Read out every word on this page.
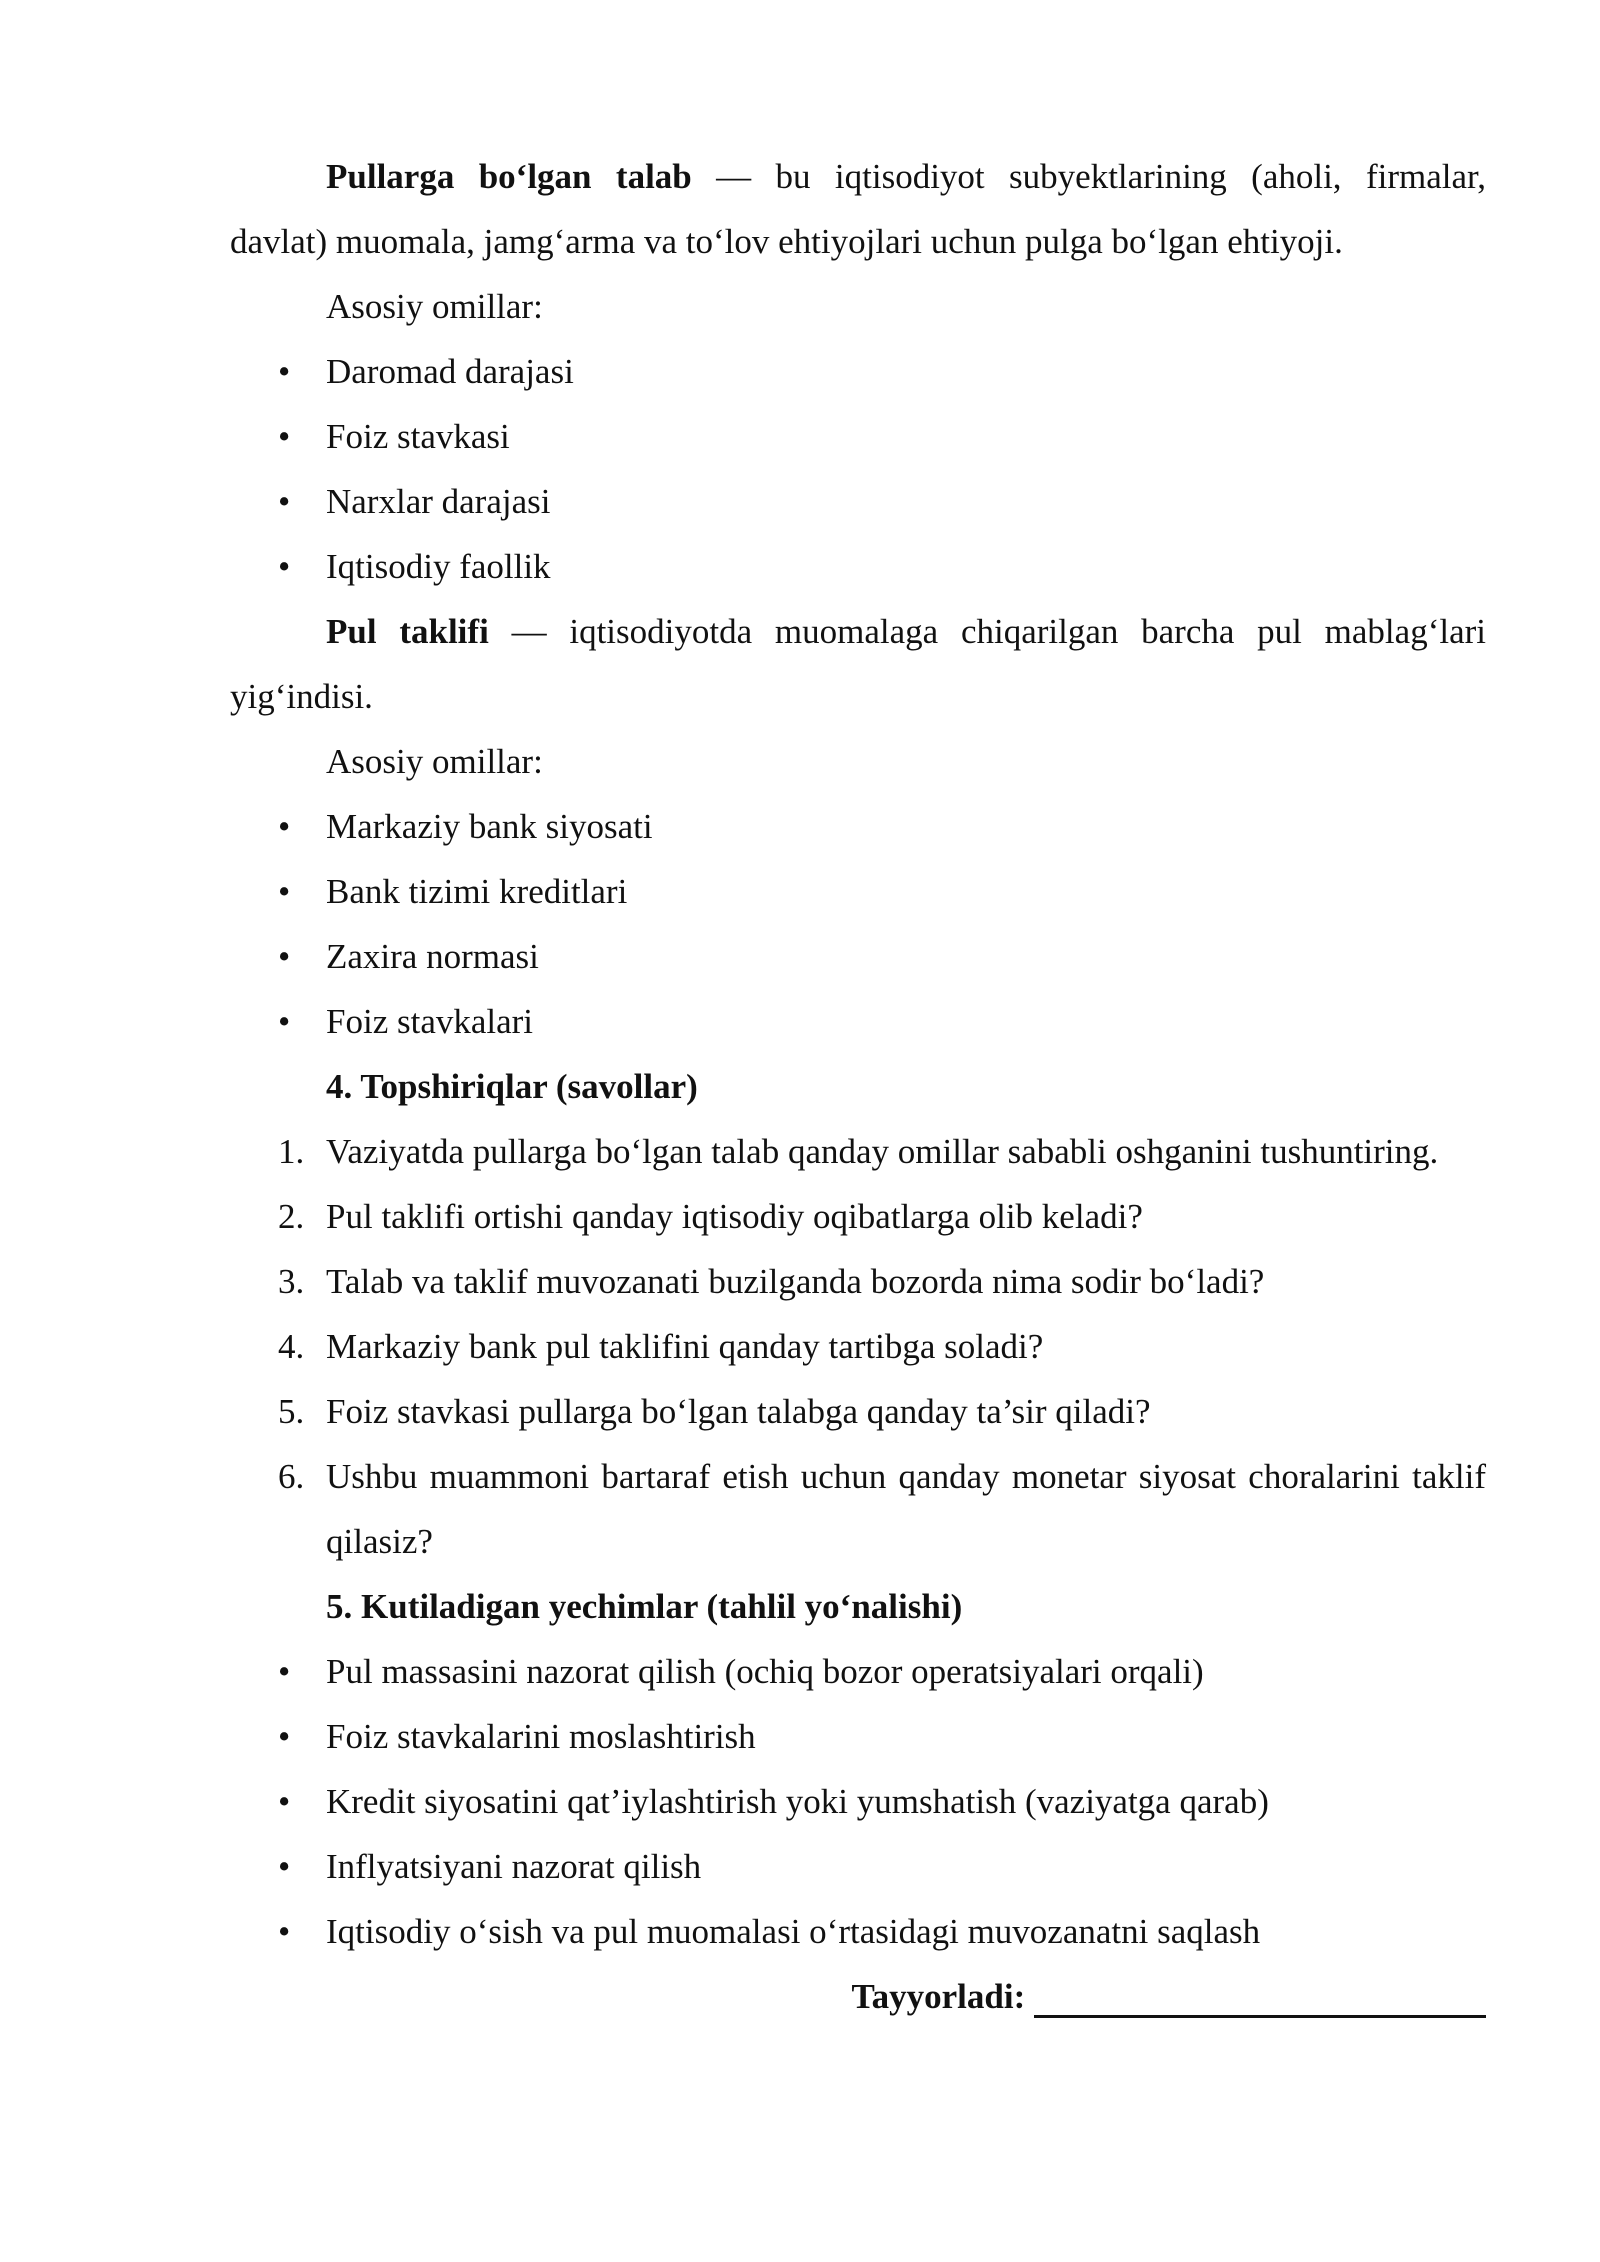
Pullarga bo‘lgan talab — bu iqtisodiyot subyektlarining (aholi, firmalar,
davlat) muomala, jamg‘arma va to‘lov ehtiyojlari uchun pulga bo‘lgan ehtiyoji.
Asosiy omillar:
• Daromad darajasi
• Foiz stavkasi
• Narxlar darajasi
• Iqtisodiy faollik
Pul taklifi — iqtisodiyotda muomalaga chiqarilgan barcha pul mablag‘lari
yig‘indisi.
Asosiy omillar:
• Markaziy bank siyosati
• Bank tizimi kreditlari
• Zaxira normasi
• Foiz stavkalari
4. Topshiriqlar (savollar)
1. Vaziyatda pullarga bo‘lgan talab qanday omillar sababli oshganini tushuntiring.
2. Pul taklifi ortishi qanday iqtisodiy oqibatlarga olib keladi?
3. Talab va taklif muvozanati buzilganda bozorda nima sodir bo‘ladi?
4. Markaziy bank pul taklifini qanday tartibga soladi?
5. Foiz stavkasi pullarga bo‘lgan talabga qanday ta’sir qiladi?
6. Ushbu muammoni bartaraf etish uchun qanday monetar siyosat choralarini taklif qilasiz?
5. Kutiladigan yechimlar (tahlil yo‘nalishi)
• Pul massasini nazorat qilish (ochiq bozor operatsiyalari orqali)
• Foiz stavkalarini moslashtirish
• Kredit siyosatini qat’iylashtirish yoki yumshatish (vaziyatga qarab)
• Inflyatsiyani nazorat qilish
• Iqtisodiy o‘sish va pul muomalasi o‘rtasidagi muvozanatni saqlash
Tayyorladi:
